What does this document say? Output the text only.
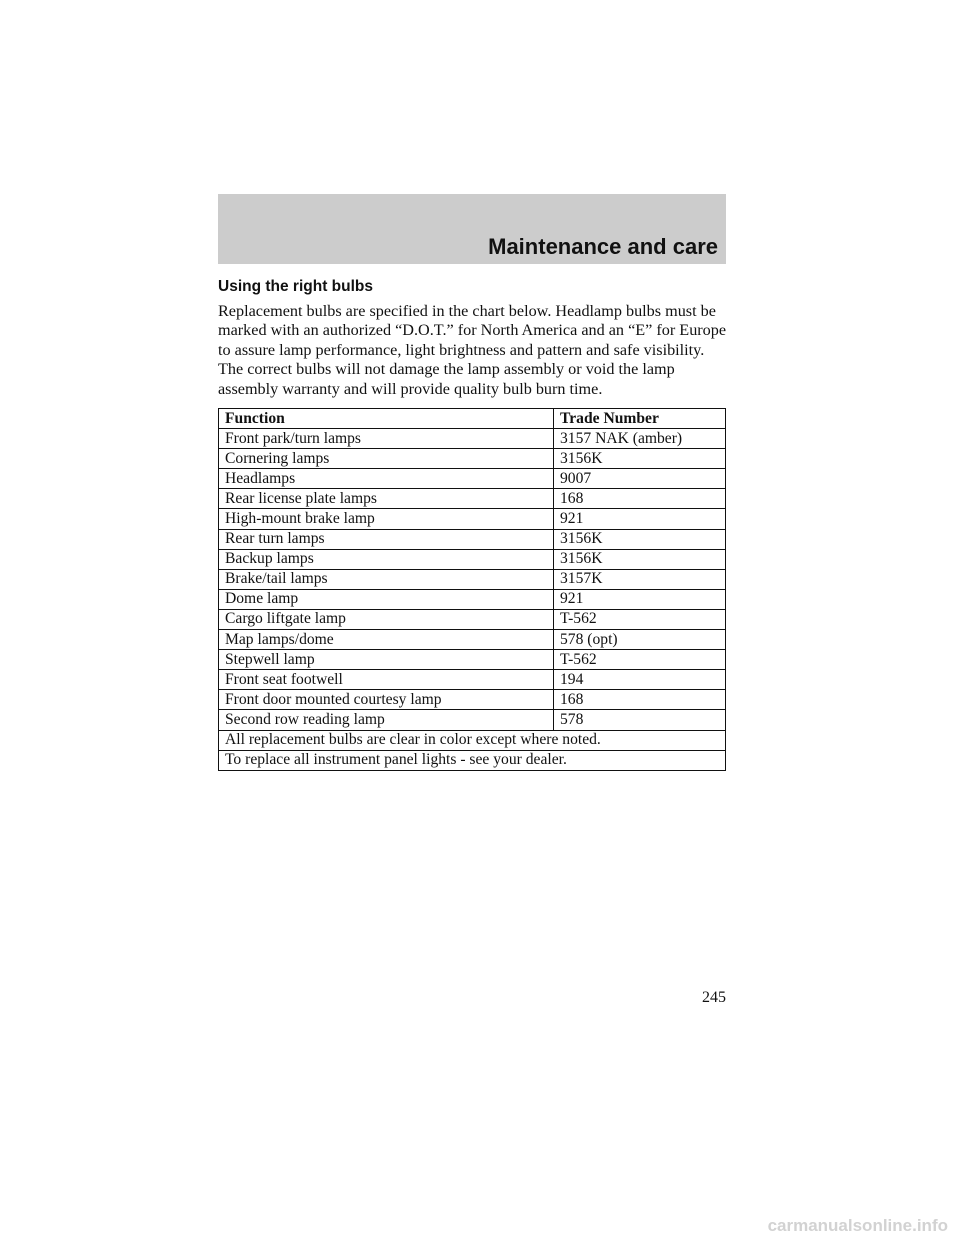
Maintenance and care
Using the right bulbs

Replacement bulbs are specified in the chart below. Headlamp bulbs must be marked with an authorized “D.O.T.” for North America and an “E” for Europe to assure lamp performance, light brightness and pattern and safe visibility. The correct bulbs will not damage the lamp assembly or void the lamp assembly warranty and will provide quality bulb burn time.

Function	Trade Number
Front park/turn lamps	3157 NAK (amber)
Cornering lamps	3156K
Headlamps	9007
Rear license plate lamps	168
High-mount brake lamp	921
Rear turn lamps	3156K
Backup lamps	3156K
Brake/tail lamps	3157K
Dome lamp	921
Cargo liftgate lamp	T-562
Map lamps/dome	578 (opt)
Stepwell lamp	T-562
Front seat footwell	194
Front door mounted courtesy lamp	168
Second row reading lamp	578
All replacement bulbs are clear in color except where noted.	
To replace all instrument panel lights - see your dealer.	
245
carmanualsonline.info
